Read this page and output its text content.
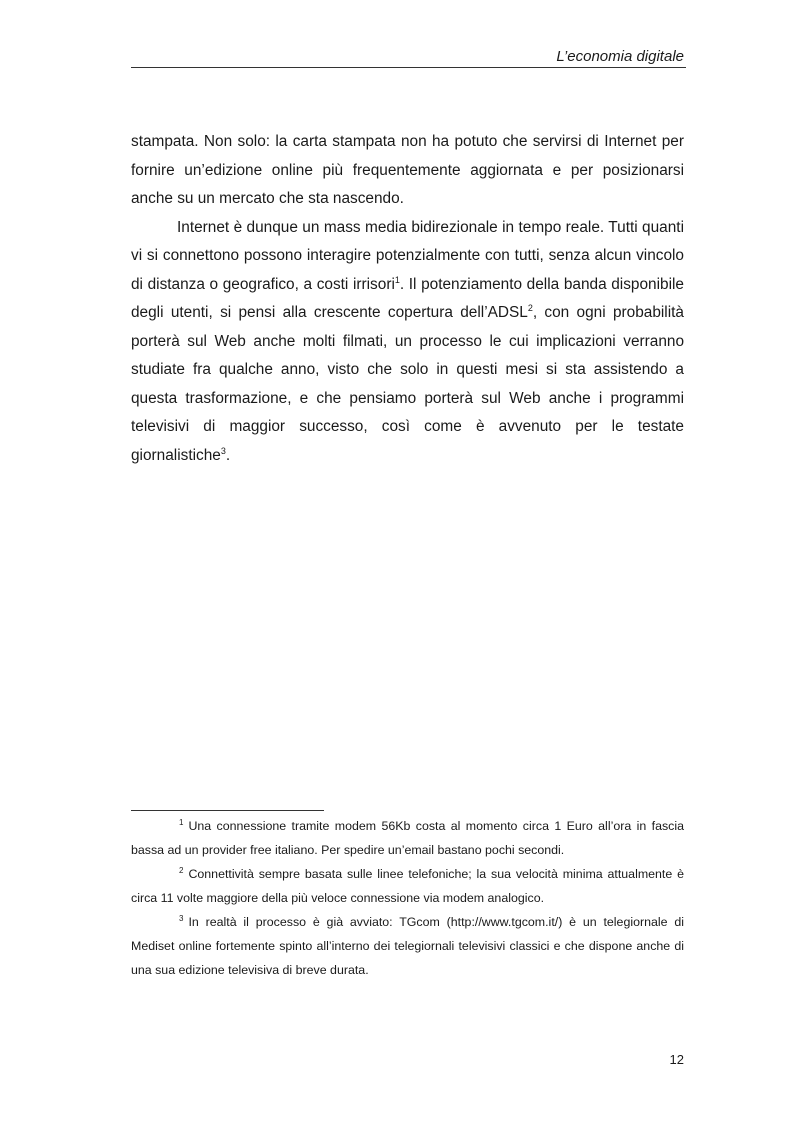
L’economia digitale

stampata. Non solo: la carta stampata non ha potuto che servirsi di Internet per fornire un’edizione online più frequentemente aggiornata e per posizionarsi anche su un mercato che sta nascendo.

Internet è dunque un mass media bidirezionale in tempo reale. Tutti quanti vi si connettono possono interagire potenzialmente con tutti, senza alcun vincolo di distanza o geografico, a costi irrisori$^1$. Il potenziamento della banda disponibile degli utenti, si pensi alla crescente copertura dell’ADSL$^2$, con ogni probabilità porterà sul Web anche molti filmati, un processo le cui implicazioni verranno studiate fra qualche anno, visto che solo in questi mesi si sta assistendo a questa trasformazione, e che pensiamo porterà sul Web anche i programmi televisivi di maggior successo, così come è avvenuto per le testate giornalistiche$^3$.

$^1$ Una connessione tramite modem 56Kb costa al momento circa 1 Euro all’ora in fascia bassa ad un provider free italiano. Per spedire un’email bastano pochi secondi.

$^2$ Connettività sempre basata sulle linee telefoniche; la sua velocità minima attualmente è circa 11 volte maggiore della più veloce connessione via modem analogico.

$^3$ In realtà il processo è già avviato: TGcom (http://www.tgcom.it/) è un telegiornale di Mediset online fortemente spinto all’interno dei telegiornali televisivi classici e che dispone anche di una sua edizione televisiva di breve durata.

12
